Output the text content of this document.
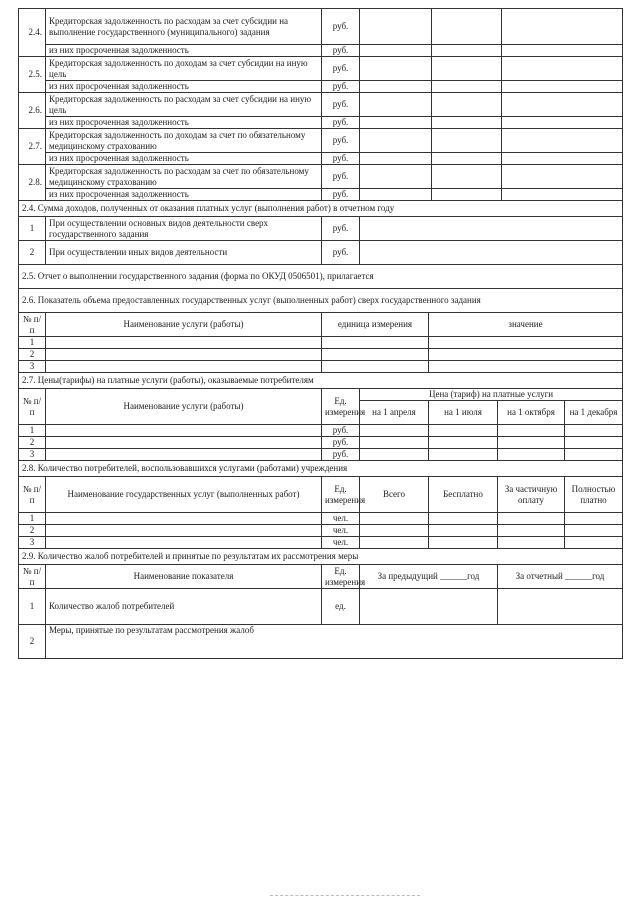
2.4.	Кредиторская задолженность по расходам за счет субсидии на выполнение государственного (муниципального) задания	руб.			
	из них просроченная задолженность	руб.			
2.5.	Кредиторская задолженность по доходам за счет субсидии на иную цель	руб.			
	из них просроченная задолженность	руб.			
2.6.	Кредиторская задолженность по расходам за счет субсидии на иную цель	руб.			
	из них просроченная задолженность	руб.			
2.7.	Кредиторская задолженность по доходам за счет по обязательному медицинскому страхованию	руб.			
	из них просроченная задолженность	руб.			
2.8.	Кредиторская задолженность по расходам за счет по обязательному медицинскому страхованию	руб.			
	из них просроченная задолженность	руб.			
2.4. Сумма доходов, полученных от оказания платных услуг (выполнения работ) в отчетном году			
1	При осуществлении основных видов деятельности сверх государственного задания	руб.	
2	При осуществлении иных видов деятельности	руб.	
2.5. Отчет о выполнении государственного задания (форма по ОКУД 0506501), прилагается			
2.6. Показатель объема предоставленных государственных услуг (выполненных работ) сверх государственного задания			
№ п/п	Наименование услуги (работы)	единица измерения	значение
1			
2			
3			
2.7. Цены(тарифы) на платные услуги (работы), оказываемые потребителям						
№ п/п	Наименование услуги (работы)	Ед. измерения	Цена (тариф) на платные услуги			
			на 1 апреля	на 1 июля	на 1 октября	на 1 декабря
1		руб.				
2		руб.				
3		руб.				
2.8. Количество потребителей, воспользовавшихся услугами (работами) учреждения						
№ п/п	Наименование государственных услуг (выполненных работ)	Ед. измерения	Всего	Бесплатно	За частичную оплату	Полностью платно
1		чел.				
2		чел.				
3		чел.				
2.9. Количество жалоб потребителей и принятые по результатам их рассмотрения меры				
№ п/п	Наименование показателя	Ед. измерения	За предыдущий ______год	За отчетный ______год
1	Количество жалоб потребителей	ед.		
2	Меры, принятые по результатам рассмотрения жалоб			
